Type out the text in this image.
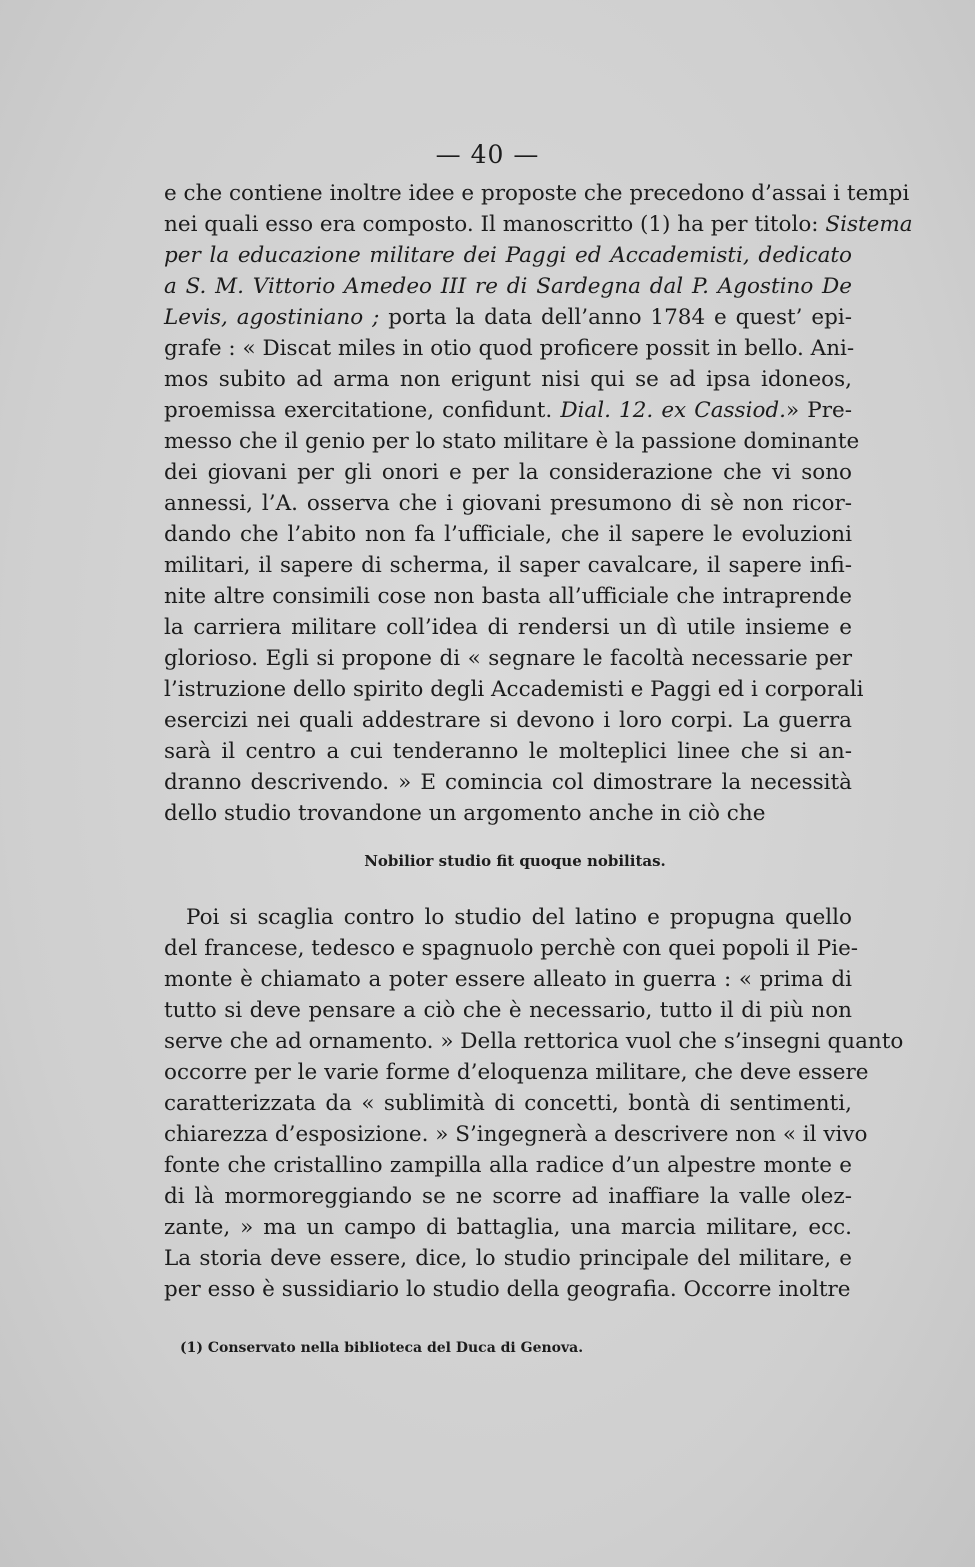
— 40 —
e che contiene inoltre idee e proposte che precedono d’assai i tempi
nei quali esso era composto. Il manoscritto (1) ha per titolo: Sistema
per la educazione militare dei Paggi ed Accademisti, dedicato
a S. M. Vittorio Amedeo III re di Sardegna dal P. Agostino De
Levis, agostiniano ; porta la data dell’anno 1784 e quest’ epi-
grafe : « Discat miles in otio quod proficere possit in bello. Ani-
mos subito ad arma non erigunt nisi qui se ad ipsa idoneos,
proemissa exercitatione, confidunt. Dial. 12. ex Cassiod.» Pre-
messo che il genio per lo stato militare è la passione dominante
dei giovani per gli onori e per la considerazione che vi sono
annessi, l’A. osserva che i giovani presumono di sè non ricor-
dando che l’abito non fa l’ufficiale, che il sapere le evoluzioni
militari, il sapere di scherma, il saper cavalcare, il sapere infi-
nite altre consimili cose non basta all’ufficiale che intraprende
la carriera militare coll’idea di rendersi un dì utile insieme e
glorioso. Egli si propone di « segnare le facoltà necessarie per
l’istruzione dello spirito degli Accademisti e Paggi ed i corporali
esercizi nei quali addestrare si devono i loro corpi. La guerra
sarà il centro a cui tenderanno le molteplici linee che si an-
dranno descrivendo. » E comincia col dimostrare la necessità
dello studio trovandone un argomento anche in ciò che
Nobilior studio fit quoque nobilitas.
Poi si scaglia contro lo studio del latino e propugna quello
del francese, tedesco e spagnuolo perchè con quei popoli il Pie-
monte è chiamato a poter essere alleato in guerra : « prima di
tutto si deve pensare a ciò che è necessario, tutto il di più non
serve che ad ornamento. » Della rettorica vuol che s’insegni quanto
occorre per le varie forme d’eloquenza militare, che deve essere
caratterizzata da « sublimità di concetti, bontà di sentimenti,
chiarezza d’esposizione. » S’ingegnerà a descrivere non « il vivo
fonte che cristallino zampilla alla radice d’un alpestre monte e
di là mormoreggiando se ne scorre ad inaffiare la valle olez-
zante, » ma un campo di battaglia, una marcia militare, ecc.
La storia deve essere, dice, lo studio principale del militare, e
per esso è sussidiario lo studio della geografia. Occorre inoltre
(1) Conservato nella biblioteca del Duca di Genova.
